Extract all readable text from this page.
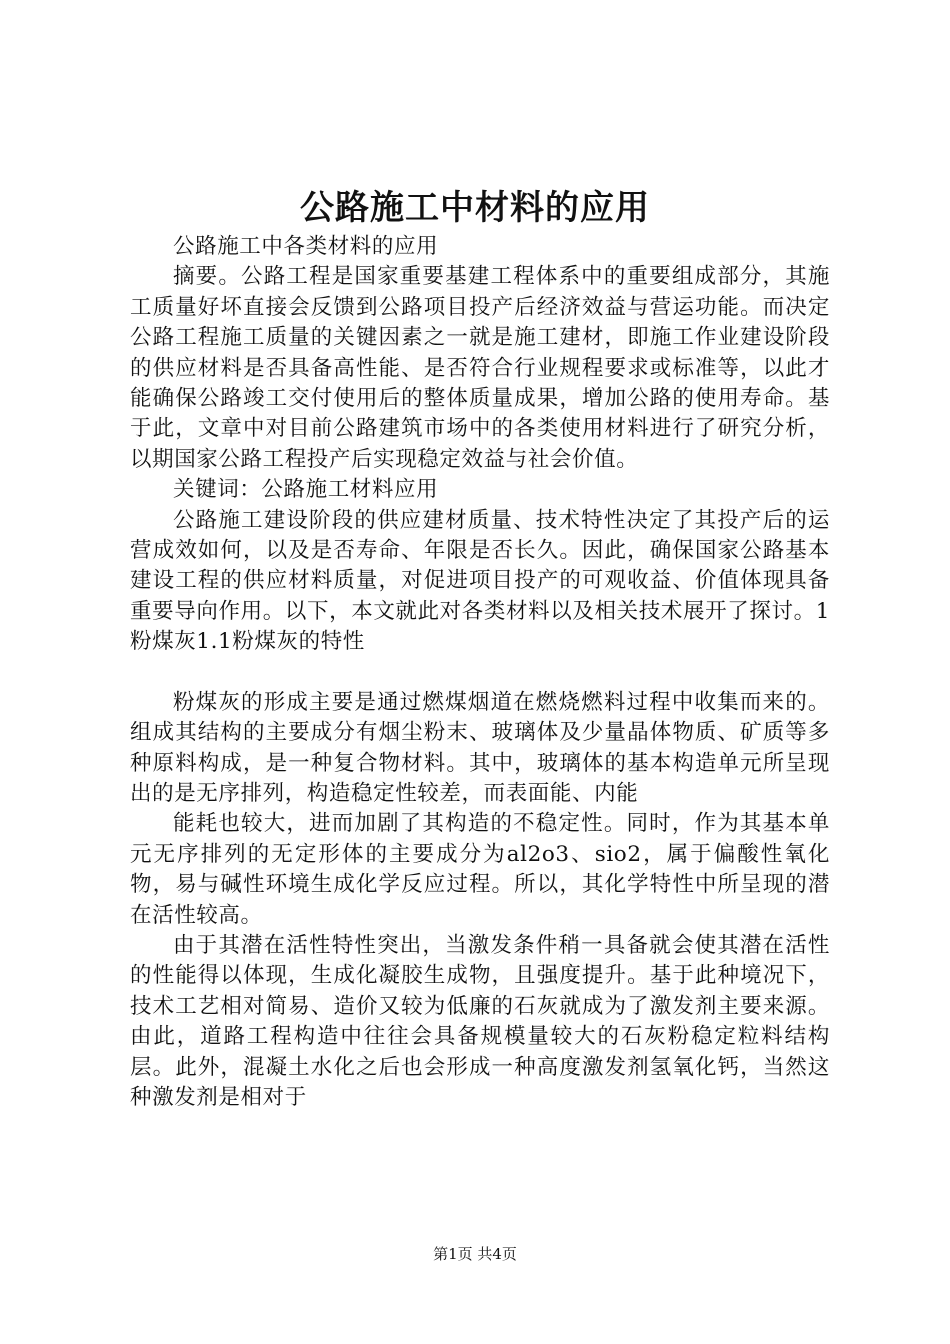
公路施工中材料的应用

公路施工中各类材料的应用

摘要。公路工程是国家重要基建工程体系中的重要组成部分，其施工质量好坏直接会反馈到公路项目投产后经济效益与营运功能。而决定公路工程施工质量的关键因素之一就是施工建材，即施工作业建设阶段的供应材料是否具备高性能、是否符合行业规程要求或标准等，以此才能确保公路竣工交付使用后的整体质量成果，增加公路的使用寿命。基于此，文章中对目前公路建筑市场中的各类使用材料进行了研究分析，以期国家公路工程投产后实现稳定效益与社会价值。

关键词：公路施工材料应用

公路施工建设阶段的供应建材质量、技术特性决定了其投产后的运营成效如何，以及是否寿命、年限是否长久。因此，确保国家公路基本建设工程的供应材料质量，对促进项目投产的可观收益、价值体现具备重要导向作用。以下，本文就此对各类材料以及相关技术展开了探讨。1粉煤灰1.1粉煤灰的特性

粉煤灰的形成主要是通过燃煤烟道在燃烧燃料过程中收集而来的。组成其结构的主要成分有烟尘粉末、玻璃体及少量晶体物质、矿质等多种原料构成，是一种复合物材料。其中，玻璃体的基本构造单元所呈现出的是无序排列，构造稳定性较差，而表面能、内能

能耗也较大，进而加剧了其构造的不稳定性。同时，作为其基本单元无序排列的无定形体的主要成分为al2o3、sio2，属于偏酸性氧化物，易与碱性环境生成化学反应过程。所以，其化学特性中所呈现的潜在活性较高。

由于其潜在活性特性突出，当激发条件稍一具备就会使其潜在活性的性能得以体现，生成化凝胶生成物，且强度提升。基于此种境况下，技术工艺相对简易、造价又较为低廉的石灰就成为了激发剂主要来源。由此，道路工程构造中往往会具备规模量较大的石灰粉稳定粒料结构层。此外，混凝土水化之后也会形成一种高度激发剂氢氧化钙，当然这种激发剂是相对于

第1页 共4页
